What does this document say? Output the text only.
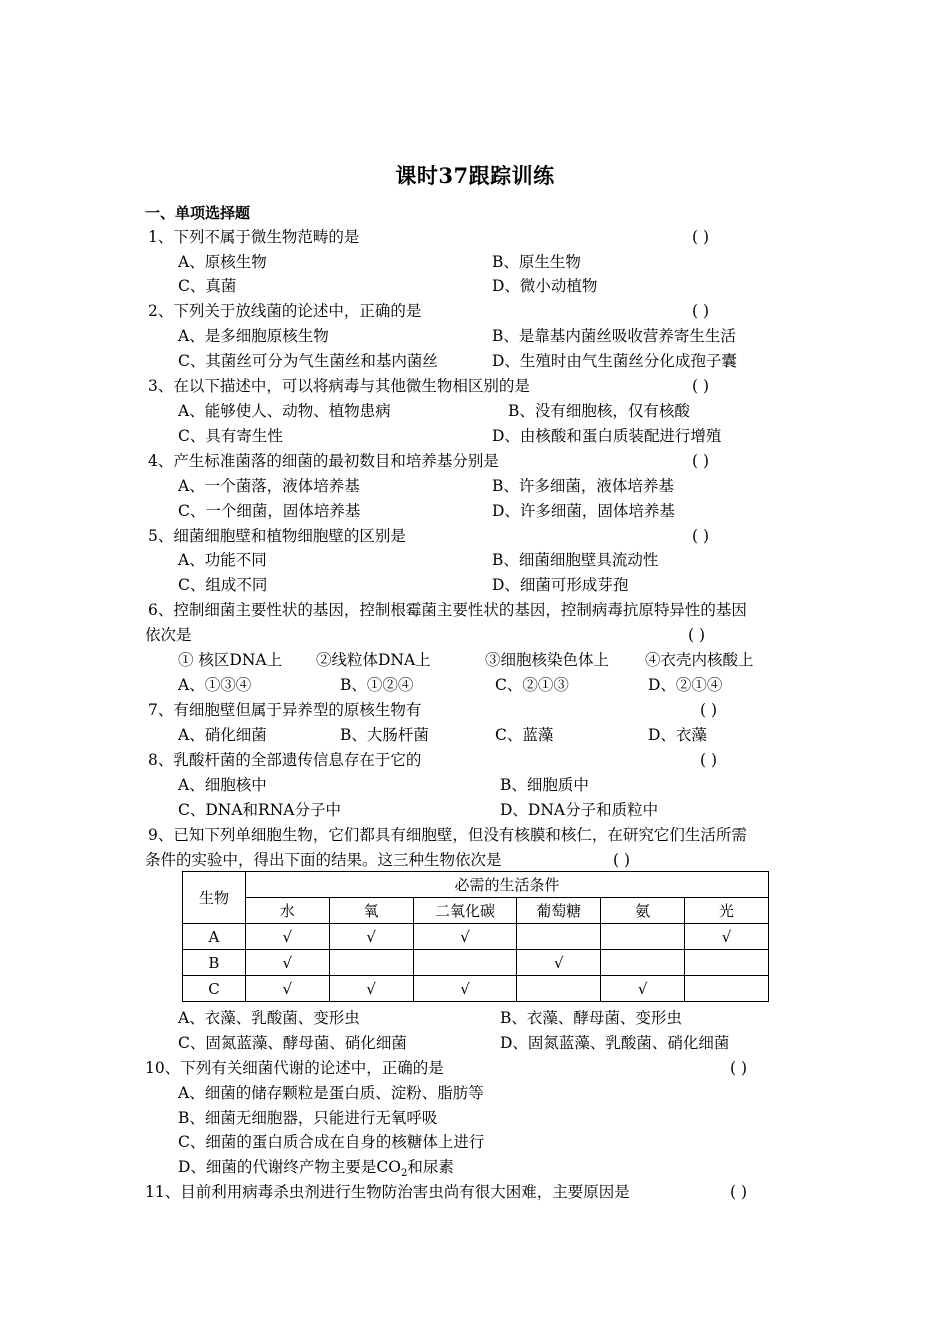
课时37跟踪训练
一、单项选择题
1、下列不属于微生物范畴的是	( )
A、原核生物	B、原生生物
C、真菌	D、微小动植物
2、下列关于放线菌的论述中，正确的是	( )
A、是多细胞原核生物	B、是靠基内菌丝吸收营养寄生生活
C、其菌丝可分为气生菌丝和基内菌丝	D、生殖时由气生菌丝分化成孢子囊
3、在以下描述中，可以将病毒与其他微生物相区别的是	( )
A、能够使人、动物、植物患病	B、没有细胞核，仅有核酸
C、具有寄生性	D、由核酸和蛋白质装配进行增殖
4、产生标准菌落的细菌的最初数目和培养基分别是	( )
A、一个菌落，液体培养基	B、许多细菌，液体培养基
C、一个细菌，固体培养基	D、许多细菌，固体培养基
5、细菌细胞壁和植物细胞壁的区别是	( )
A、功能不同	B、细菌细胞壁具流动性
C、组成不同	D、细菌可形成芽孢
6、控制细菌主要性状的基因，控制根霉菌主要性状的基因，控制病毒抗原特异性的基因
依次是	( )
① 核区DNA上 ②线粒体DNA上	③细胞核染色体上 ④衣壳内核酸上
A、①③④	B、①②④	C、②①③	D、②①④
7、有细胞壁但属于异养型的原核生物有	( )
A、硝化细菌	B、大肠杆菌	C、蓝藻	D、衣藻
8、乳酸杆菌的全部遗传信息存在于它的	( )
A、细胞核中	B、细胞质中
C、DNA和RNA分子中	D、DNA分子和质粒中
9、已知下列单细胞生物，它们都具有细胞壁，但没有核膜和核仁，在研究它们生活所需
条件的实验中，得出下面的结果。这三种生物依次是	( )
生物	必需的生活条件					
	水	氧	二氧化碳	葡萄糖	氨	光
A	√	√	√			√
B	√			√		
C	√	√	√		√	
A、衣藻、乳酸菌、变形虫	B、衣藻、酵母菌、变形虫
C、固氮蓝藻、酵母菌、硝化细菌	D、固氮蓝藻、乳酸菌、硝化细菌
10、下列有关细菌代谢的论述中，正确的是	( )
A、细菌的储存颗粒是蛋白质、淀粉、脂肪等
B、细菌无细胞器，只能进行无氧呼吸
C、细菌的蛋白质合成在自身的核糖体上进行
D、细菌的代谢终产物主要是$CO_2$和尿素
11、目前利用病毒杀虫剂进行生物防治害虫尚有很大困难，主要原因是	( )
